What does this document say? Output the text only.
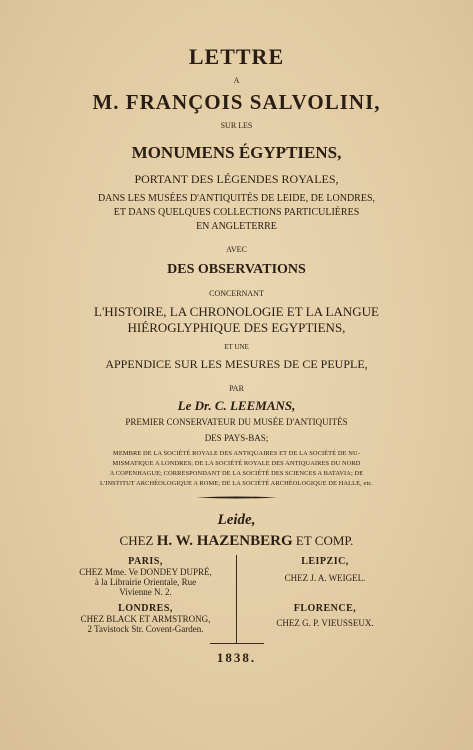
LETTRE
A
M. FRANÇOIS SALVOLINI,
SUR LES
MONUMENS ÉGYPTIENS,
PORTANT DES LÉGENDES ROYALES,
DANS LES MUSÉES D'ANTIQUITÉS DE LEIDE, DE LONDRES,
ET DANS QUELQUES COLLECTIONS PARTICULIÈRES
EN ANGLETERRE
AVEC
DES OBSERVATIONS
CONCERNANT
L'HISTOIRE, LA CHRONOLOGIE ET LA LANGUE
HIÉROGLYPHIQUE DES EGYPTIENS,
ET UNE
APPENDICE SUR LES MESURES DE CE PEUPLE,
PAR
Le Dr. C. LEEMANS,
PREMIER CONSERVATEUR DU MUSÉE D'ANTIQUITÉS
DES PAYS-BAS;
MEMBRE DE LA SOCIÉTÉ ROYALE DES ANTIQUAIRES ET DE LA SOCIÉTÉ DE NU-
MISMATIQUE A LONDRES; DE LA SOCIÉTÉ ROYALE DES ANTIQUAIRES DU NORD
A COPENHAGUE; CORRESPONDANT DE LA SOCIÉTÉ DES SCIENCES A BATAVIA; DE
L'INSTITUT ARCHÉOLOGIQUE A ROME; DE LA SOCIÉTÉ ARCHÉOLOGIQUE DE HALLE, etc.
Leide,
CHEZ H. W. HAZENBERG ET COMP.
PARIS,
CHEZ Mme. Ve DONDEY DUPRÉ,
à la Librairie Orientale, Rue
Vivienne N. 2.
LEIPZIC,
CHEZ J. A. WEIGEL.
LONDRES,
CHEZ BLACK ET ARMSTRONG,
2 Tavistock Str. Covent-Garden.
FLORENCE,
CHEZ G. P. VIEUSSEUX.
1838.
